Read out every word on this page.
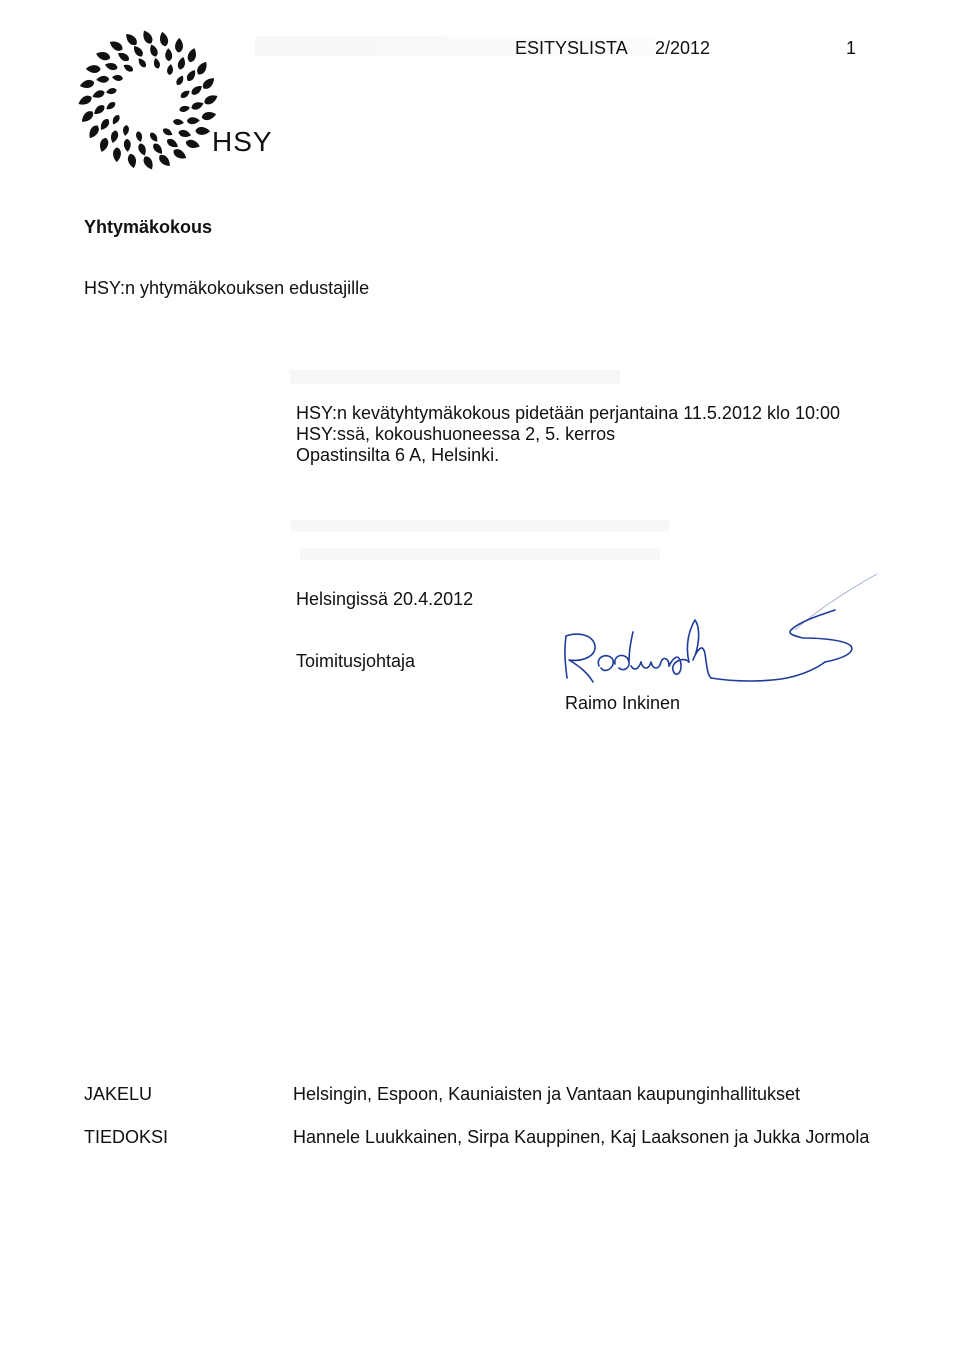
HSY
ESITYSLISTA 2/2012	1
Yhtymäkokous
HSY:n yhtymäkokouksen edustajille
HSY:n kevätyhtymäkokous pidetään perjantaina 11.5.2012 klo 10:00
HSY:ssä, kokoushuoneessa 2, 5. kerros
Opastinsilta 6 A, Helsinki.
Helsingissä 20.4.2012
Toimitusjohtaja
Raimo Inkinen
JAKELU	Helsingin, Espoon, Kauniaisten ja Vantaan kaupunginhallitukset
TIEDOKSI	Hannele Luukkainen, Sirpa Kauppinen, Kaj Laaksonen ja Jukka Jormola
